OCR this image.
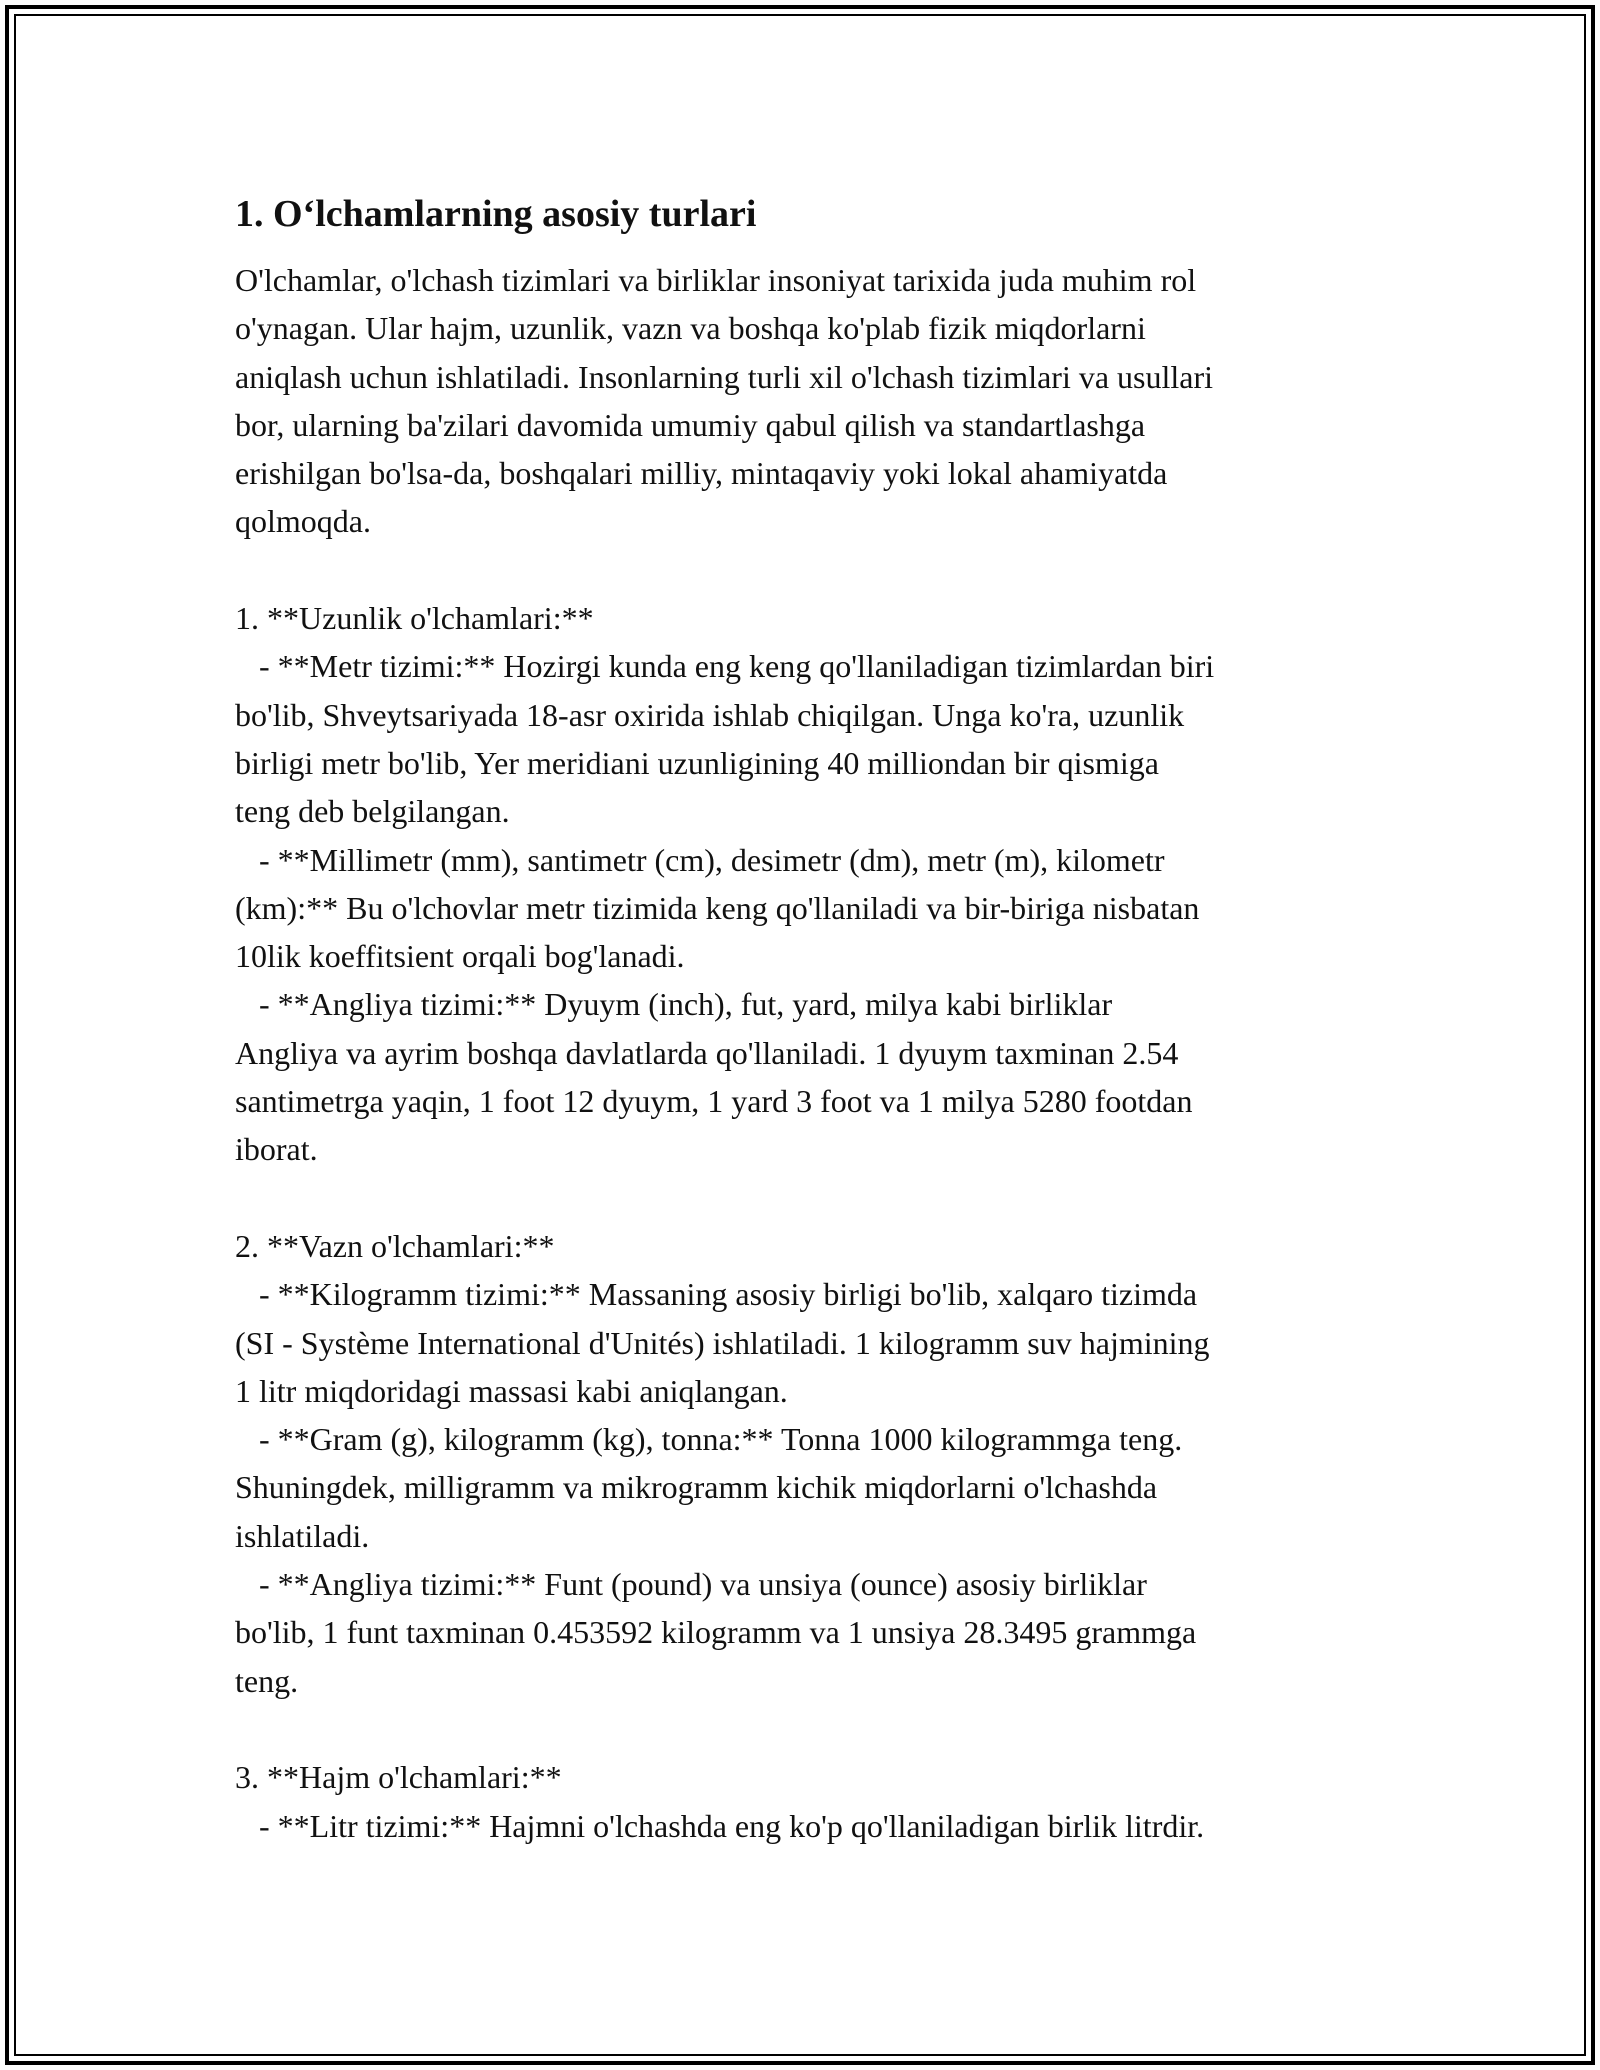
1. O‘lchamlarning asosiy turlari
O'lchamlar, o'lchash tizimlari va birliklar insoniyat tarixida juda muhim rol
o'ynagan. Ular hajm, uzunlik, vazn va boshqa ko'plab fizik miqdorlarni
aniqlash uchun ishlatiladi. Insonlarning turli xil o'lchash tizimlari va usullari
bor, ularning ba'zilari davomida umumiy qabul qilish va standartlashga
erishilgan bo'lsa-da, boshqalari milliy, mintaqaviy yoki lokal ahamiyatda
qolmoqda.
1. **Uzunlik o'lchamlari:**
- **Metr tizimi:** Hozirgi kunda eng keng qo'llaniladigan tizimlardan biri
bo'lib, Shveytsariyada 18-asr oxirida ishlab chiqilgan. Unga ko'ra, uzunlik
birligi metr bo'lib, Yer meridiani uzunligining 40 milliondan bir qismiga
teng deb belgilangan.
- **Millimetr (mm), santimetr (cm), desimetr (dm), metr (m), kilometr
(km):** Bu o'lchovlar metr tizimida keng qo'llaniladi va bir-biriga nisbatan
10lik koeffitsient orqali bog'lanadi.
- **Angliya tizimi:** Dyuym (inch), fut, yard, milya kabi birliklar
Angliya va ayrim boshqa davlatlarda qo'llaniladi. 1 dyuym taxminan 2.54
santimetrga yaqin, 1 foot 12 dyuym, 1 yard 3 foot va 1 milya 5280 footdan
iborat.
2. **Vazn o'lchamlari:**
- **Kilogramm tizimi:** Massaning asosiy birligi bo'lib, xalqaro tizimda
(SI - Système International d'Unités) ishlatiladi. 1 kilogramm suv hajmining
1 litr miqdoridagi massasi kabi aniqlangan.
- **Gram (g), kilogramm (kg), tonna:** Tonna 1000 kilogrammga teng.
Shuningdek, milligramm va mikrogramm kichik miqdorlarni o'lchashda
ishlatiladi.
- **Angliya tizimi:** Funt (pound) va unsiya (ounce) asosiy birliklar
bo'lib, 1 funt taxminan 0.453592 kilogramm va 1 unsiya 28.3495 grammga
teng.
3. **Hajm o'lchamlari:**
- **Litr tizimi:** Hajmni o'lchashda eng ko'p qo'llaniladigan birlik litrdir.
